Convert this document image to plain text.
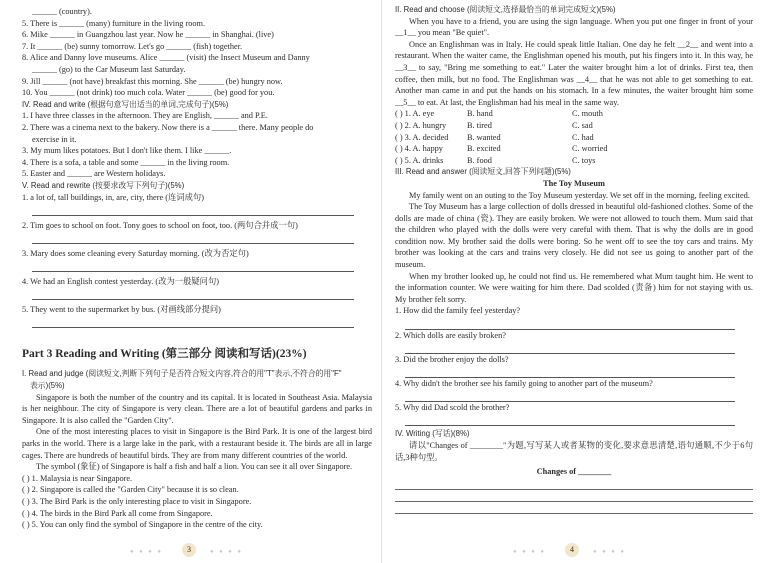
______ (country).
5. There is ______ (many) furniture in the living room.
6. Mike ______ in Guangzhou last year. Now he ______ in Shanghai. (live)
7. It ______ (be) sunny tomorrow. Let's go ______ (fish) together.
8. Alice and Danny love museums. Alice ______ (visit) the Insect Museum and Danny
______ (go) to the Car Museum last Saturday.
9. Jill ______ (not have) breakfast this morning. She ______ (be) hungry now.
10. You ______ (not drink) too much cola. Water ______ (be) good for you.
IV. Read and write (根据句意写出适当的单词,完成句子)(5%)
1. I have three classes in the afternoon. They are English, ______ and P.E.
2. There was a cinema next to the bakery. Now there is a ______ there. Many people do
exercise in it.
3. My mum likes potatoes. But I don't like them. I like ______.
4. There is a sofa, a table and some ______ in the living room.
5. Easter and ______ are Western holidays.
V. Read and rewrite (按要求改写下列句子)(5%)
1. a lot of, tall buildings, in, are, city, there (连词成句)
2. Tim goes to school on foot. Tony goes to school on foot, too. (两句合并成一句)
3. Mary does some cleaning every Saturday morning. (改为否定句)
4. We had an English contest yesterday. (改为一般疑问句)
5. They went to the supermarket by bus. (对画线部分提问)
Part 3 Reading and Writing (第三部分 阅读和写话)(23%)
I. Read and judge (阅读短文,判断下列句子是否符合短文内容,符合的用"T"表示,不符合的用"F"
表示)(5%)
Singapore is both the number of the country and its capital. It is located in Southeast Asia. Malaysia is her neighbour. The city of Singapore is very clean. There are a lot of beautiful gardens and parks in Singapore. It is also called the "Garden City".
One of the most interesting places to visit in Singapore is the Bird Park. It is one of the largest bird parks in the world. There is a large lake in the park, with a restaurant beside it. The birds are all in large cages. There are hundreds of beautiful birds. They are from many different countries of the world.
The symbol (象征) of Singapore is half a fish and half a lion. You can see it all over Singapore.
( ) 1. Malaysia is near Singapore.
( ) 2. Singapore is called the "Garden City" because it is so clean.
( ) 3. The Bird Park is the only interesting place to visit in Singapore.
( ) 4. The birds in the Bird Park all come from Singapore.
( ) 5. You can only find the symbol of Singapore in the centre of the city.
● ● ● ●	3	● ● ● ●
II. Read and choose (阅读短文,选择最恰当的单词完成短文)(5%)
When you have to a friend, you are using the sign language. When you put one finger in front of your __1__ you mean "Be quiet".
Once an Englishman was in Italy. He could speak little Italian. One day he felt __2__ and went into a restaurant. When the waiter came, the Englishman opened his mouth, put his fingers into it. In this way, he __3__ to say, "Bring me something to eat." Later the waiter brought him a lot of drinks. First tea, then coffee, then milk, but no food. The Englishman was __4__ that he was not able to get something to eat. Another man came in and put the hands on his stomach. In a few minutes, the waiter brought him some __5__ to eat. At last, the Englishman had his meal in the same way.
( ) 1. A. eye	B. hand	C. mouth
( ) 2. A. hungry	B. tired	C. sad
( ) 3. A. decided	B. wanted	C. had
( ) 4. A. happy	B. excited	C. worried
( ) 5. A. drinks	B. food	C. toys
III. Read and answer (阅读短文,回答下列问题)(5%)
The Toy Museum
My family went on an outing to the Toy Museum yesterday. We set off in the morning, feeling excited.
The Toy Museum has a large collection of dolls dressed in beautiful old-fashioned clothes. Some of the dolls are made of china (瓷). They are easily broken. We were not allowed to touch them. Mum said that the children who played with the dolls were very careful with them. That is why the dolls are in good condition now. My brother said the dolls were boring. So he went off to see the toy cars and trains. My brother was looking at the cars and trains very closely. He did not see us going to another part of the museum.
When my brother looked up, he could not find us. He remembered what Mum taught him. He went to the information counter. We were waiting for him there. Dad scolded (责备) him for not staying with us. My brother felt sorry.
1. How did the family feel yesterday?
2. Which dolls are easily broken?
3. Did the brother enjoy the dolls?
4. Why didn't the brother see his family going to another part of the museum?
5. Why did Dad scold the brother?
IV. Writing (写话)(8%)
请以"Changes of ________"为题,写写某人或者某物的变化,要求意思清楚,语句通顺,不少于6句话,3种句型。
Changes of ________
● ● ● ●	4	● ● ● ●
